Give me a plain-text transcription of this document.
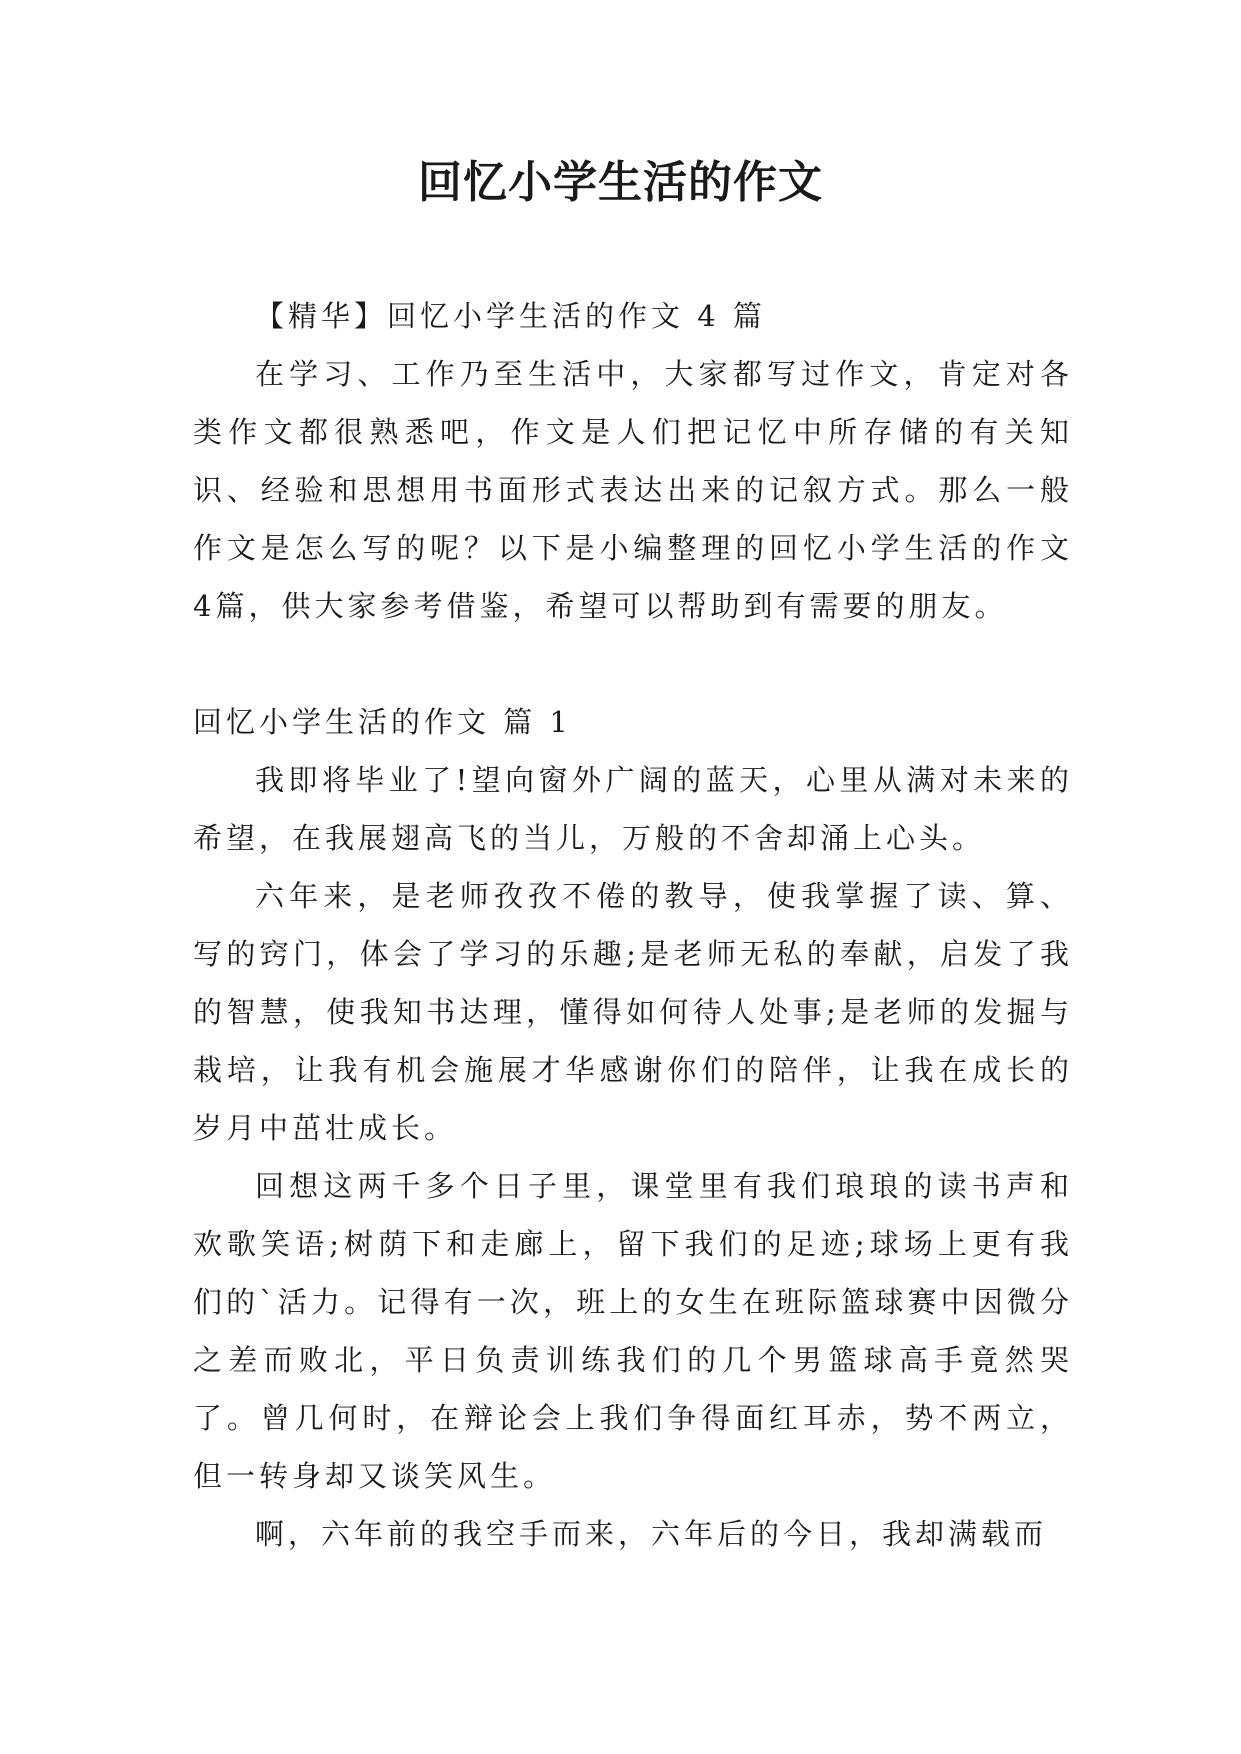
回忆小学生活的作文

【精华】回忆小学生活的作文 4 篇

在学习、工作乃至生活中，大家都写过作文，肯定对各类作文都很熟悉吧，作文是人们把记忆中所存储的有关知识、经验和思想用书面形式表达出来的记叙方式。那么一般作文是怎么写的呢？以下是小编整理的回忆小学生活的作文4篇，供大家参考借鉴，希望可以帮助到有需要的朋友。

回忆小学生活的作文 篇 1

我即将毕业了!望向窗外广阔的蓝天，心里从满对未来的希望，在我展翅高飞的当儿，万般的不舍却涌上心头。

六年来，是老师孜孜不倦的教导，使我掌握了读、算、写的窍门，体会了学习的乐趣;是老师无私的奉献，启发了我的智慧，使我知书达理，懂得如何待人处事;是老师的发掘与栽培，让我有机会施展才华感谢你们的陪伴，让我在成长的岁月中茁壮成长。

回想这两千多个日子里，课堂里有我们琅琅的读书声和欢歌笑语;树荫下和走廊上，留下我们的足迹;球场上更有我们的`活力。记得有一次，班上的女生在班际篮球赛中因微分之差而败北，平日负责训练我们的几个男篮球高手竟然哭了。曾几何时，在辩论会上我们争得面红耳赤，势不两立，但一转身却又谈笑风生。

啊，六年前的我空手而来，六年后的今日，我却满载而
